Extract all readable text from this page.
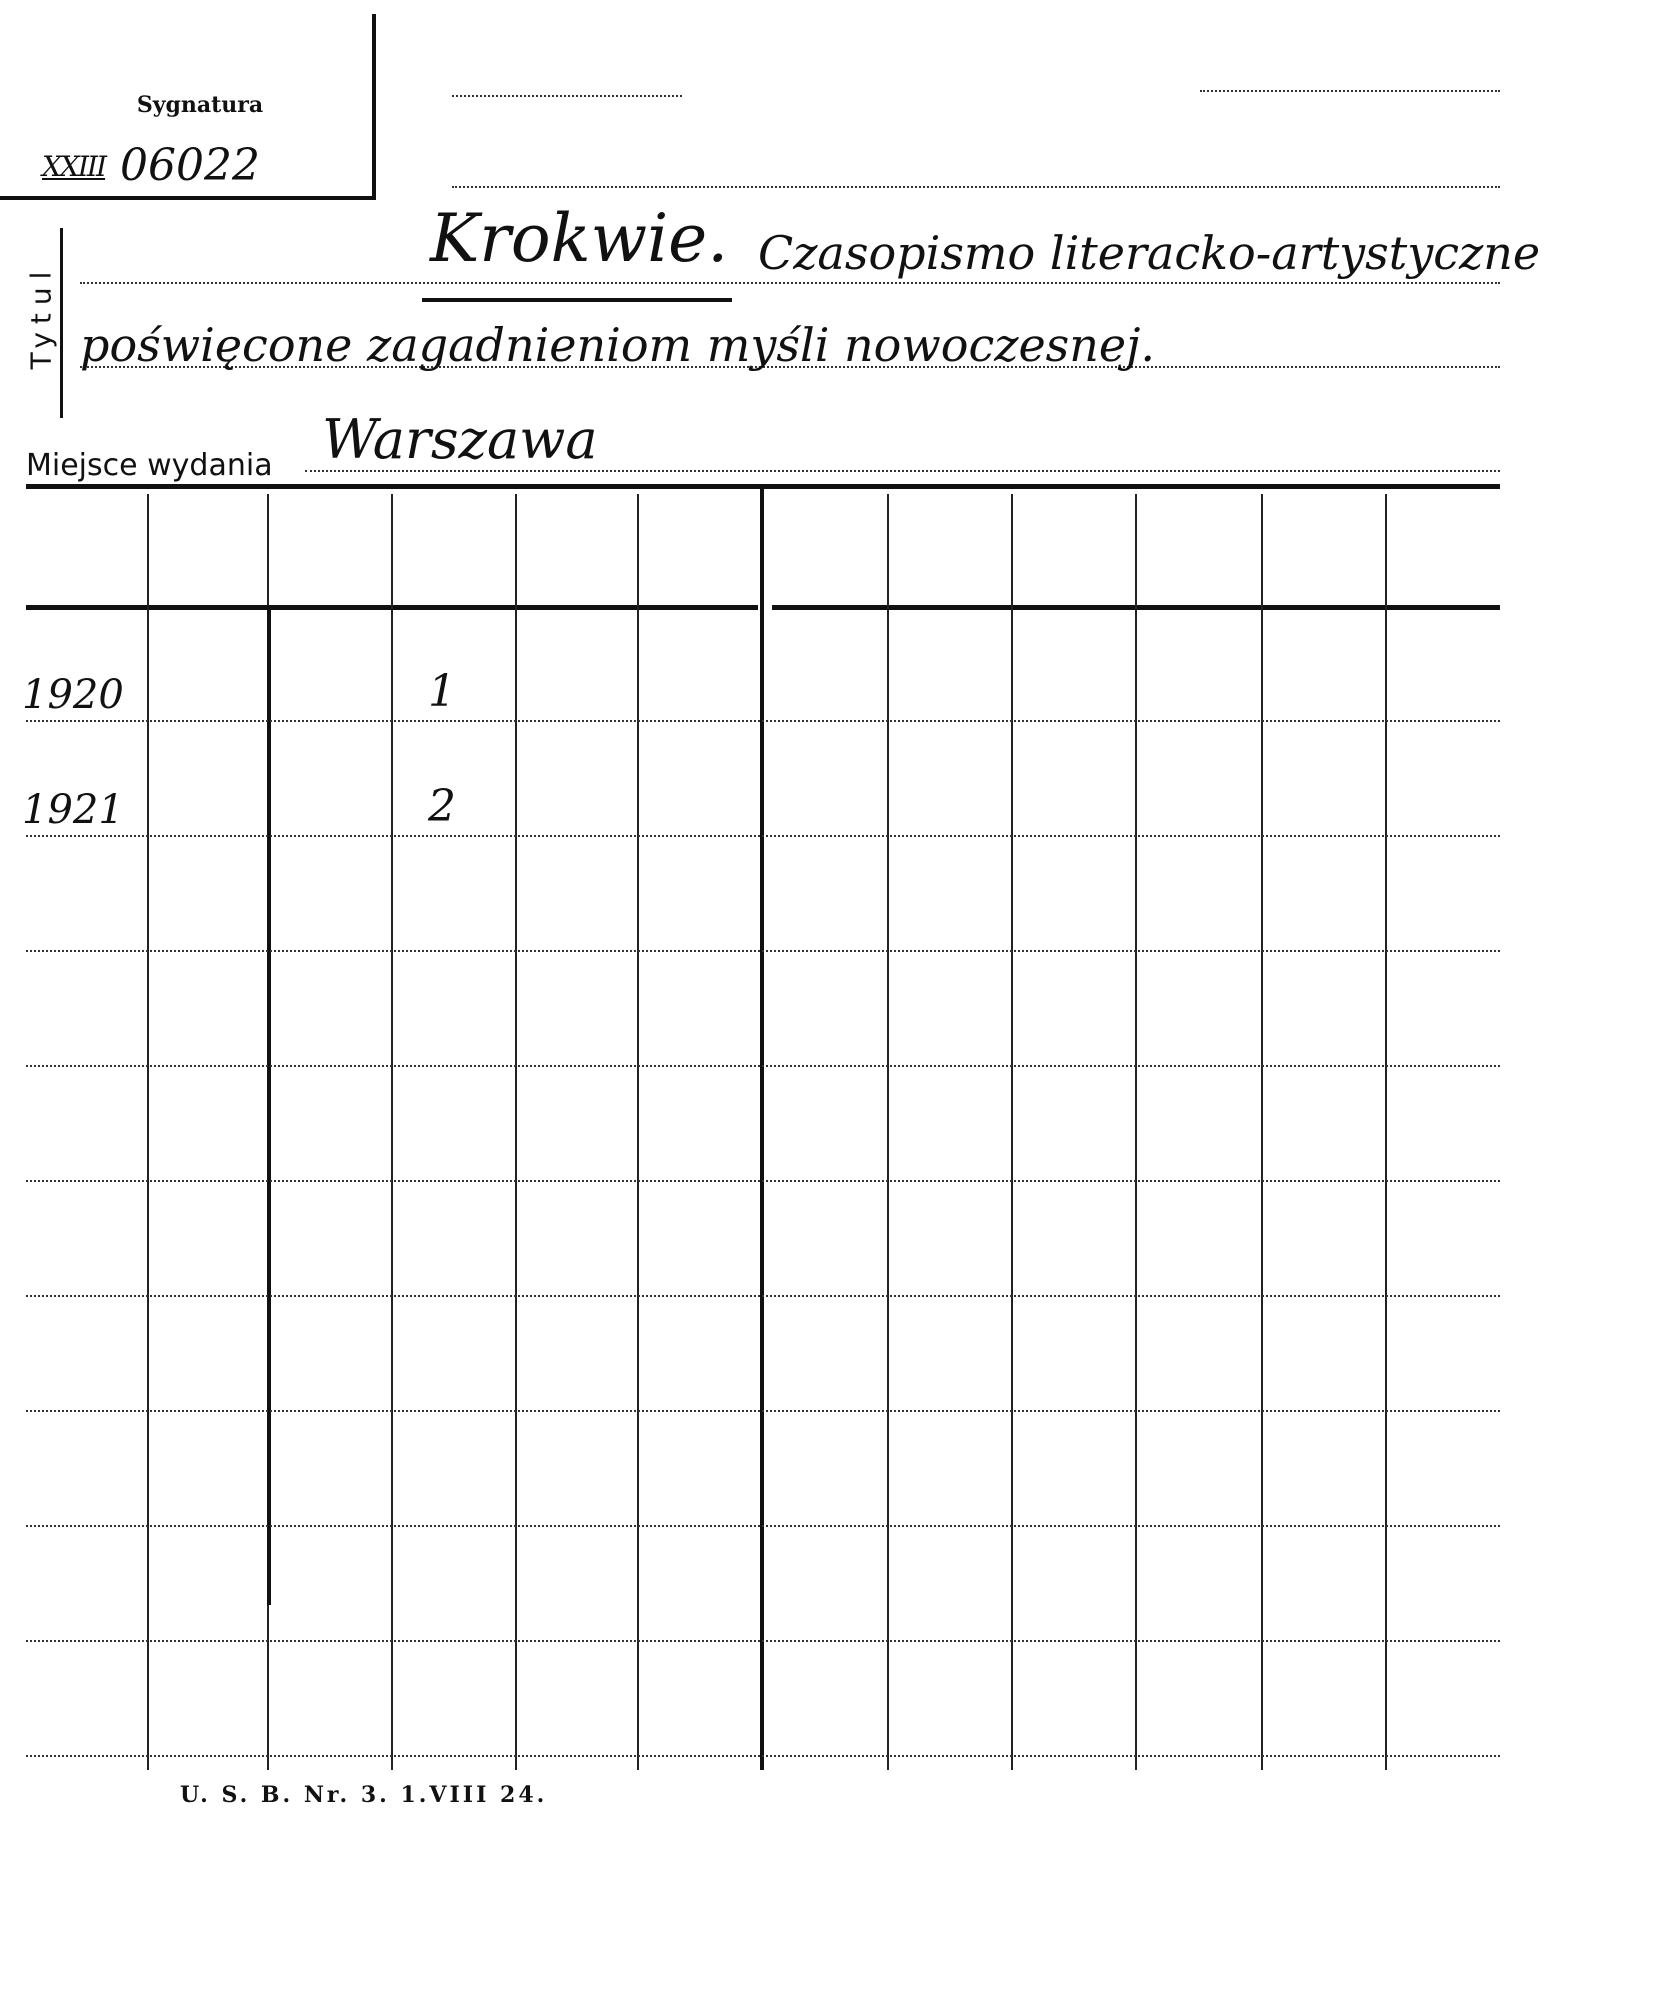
Sygnatura
XXIII 06022
Tytul
Krokwie. Czasopismo literacko-artystyczne
poświęcone zagadnieniom myśli nowoczesnej.
Miejsce wydania Warszawa
1920	1
1921	2
U. S. B. Nr. 3. 1.VIII 24.
